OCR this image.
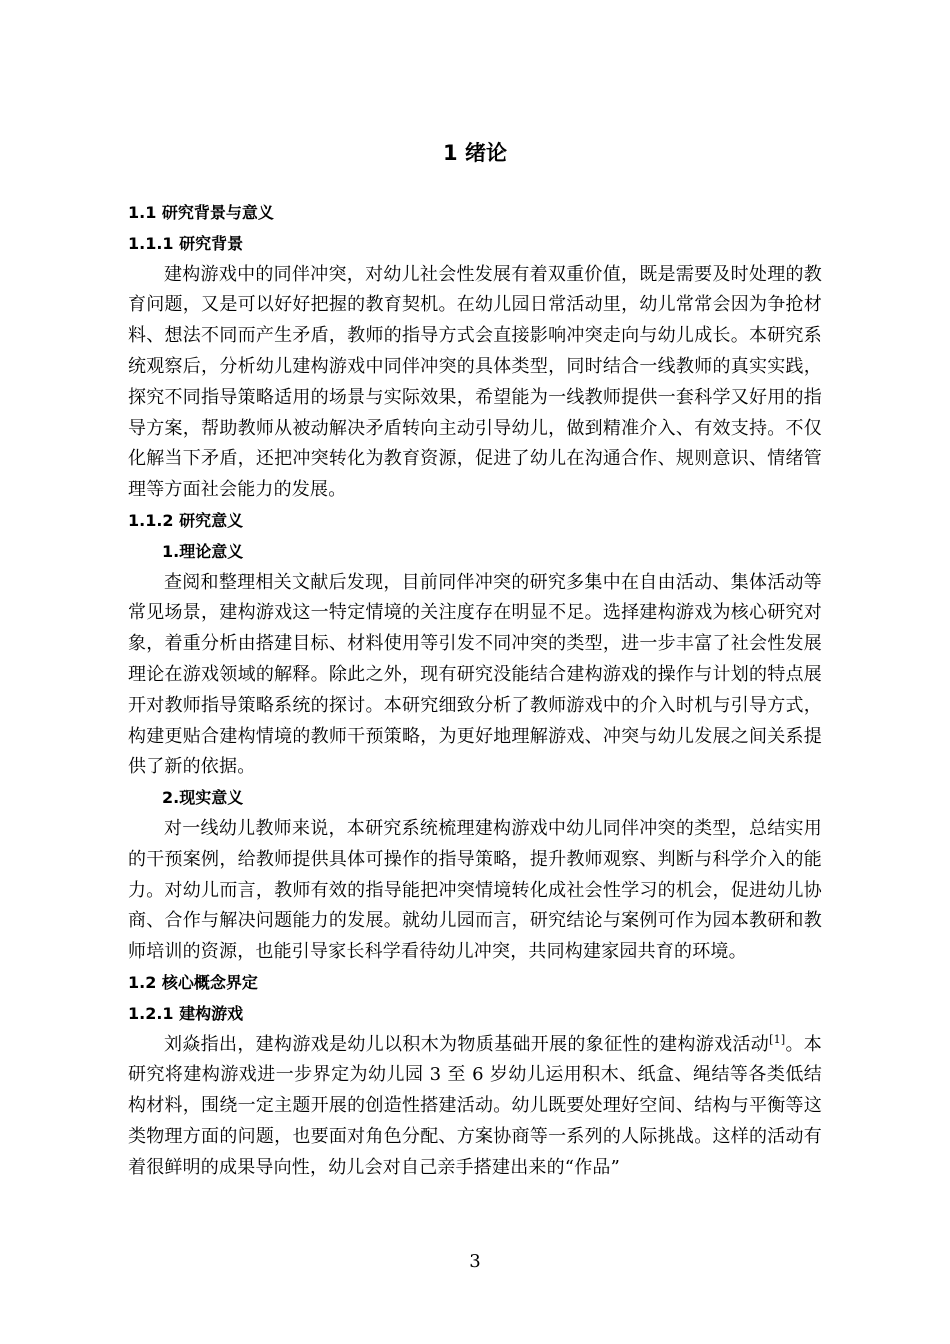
1 绪论
1.1 研究背景与意义
1.1.1 研究背景

建构游戏中的同伴冲突，对幼儿社会性发展有着双重价值，既是需要及时处理的教育问题，又是可以好好把握的教育契机。在幼儿园日常活动里，幼儿常常会因为争抢材料、想法不同而产生矛盾，教师的指导方式会直接影响冲突走向与幼儿成长。本研究系统观察后，分析幼儿建构游戏中同伴冲突的具体类型，同时结合一线教师的真实实践，探究不同指导策略适用的场景与实际效果，希望能为一线教师提供一套科学又好用的指导方案，帮助教师从被动解决矛盾转向主动引导幼儿，做到精准介入、有效支持。不仅化解当下矛盾，还把冲突转化为教育资源，促进了幼儿在沟通合作、规则意识、情绪管理等方面社会能力的发展。

1.1.2 研究意义
1.理论意义

查阅和整理相关文献后发现，目前同伴冲突的研究多集中在自由活动、集体活动等常见场景，建构游戏这一特定情境的关注度存在明显不足。选择建构游戏为核心研究对象，着重分析由搭建目标、材料使用等引发不同冲突的类型，进一步丰富了社会性发展理论在游戏领域的解释。除此之外，现有研究没能结合建构游戏的操作与计划的特点展开对教师指导策略系统的探讨。本研究细致分析了教师游戏中的介入时机与引导方式，构建更贴合建构情境的教师干预策略，为更好地理解游戏、冲突与幼儿发展之间关系提供了新的依据。

2.现实意义

对一线幼儿教师来说，本研究系统梳理建构游戏中幼儿同伴冲突的类型，总结实用的干预案例，给教师提供具体可操作的指导策略，提升教师观察、判断与科学介入的能力。对幼儿而言，教师有效的指导能把冲突情境转化成社会性学习的机会，促进幼儿协商、合作与解决问题能力的发展。就幼儿园而言，研究结论与案例可作为园本教研和教师培训的资源，也能引导家长科学看待幼儿冲突，共同构建家园共育的环境。

1.2 核心概念界定
1.2.1 建构游戏

刘焱指出，建构游戏是幼儿以积木为物质基础开展的象征性的建构游戏活动[1]。本研究将建构游戏进一步界定为幼儿园 3 至 6 岁幼儿运用积木、纸盒、绳结等各类低结构材料，围绕一定主题开展的创造性搭建活动。幼儿既要处理好空间、结构与平衡等这类物理方面的问题，也要面对角色分配、方案协商等一系列的人际挑战。这样的活动有着很鲜明的成果导向性，幼儿会对自己亲手搭建出来的“作品”

3
